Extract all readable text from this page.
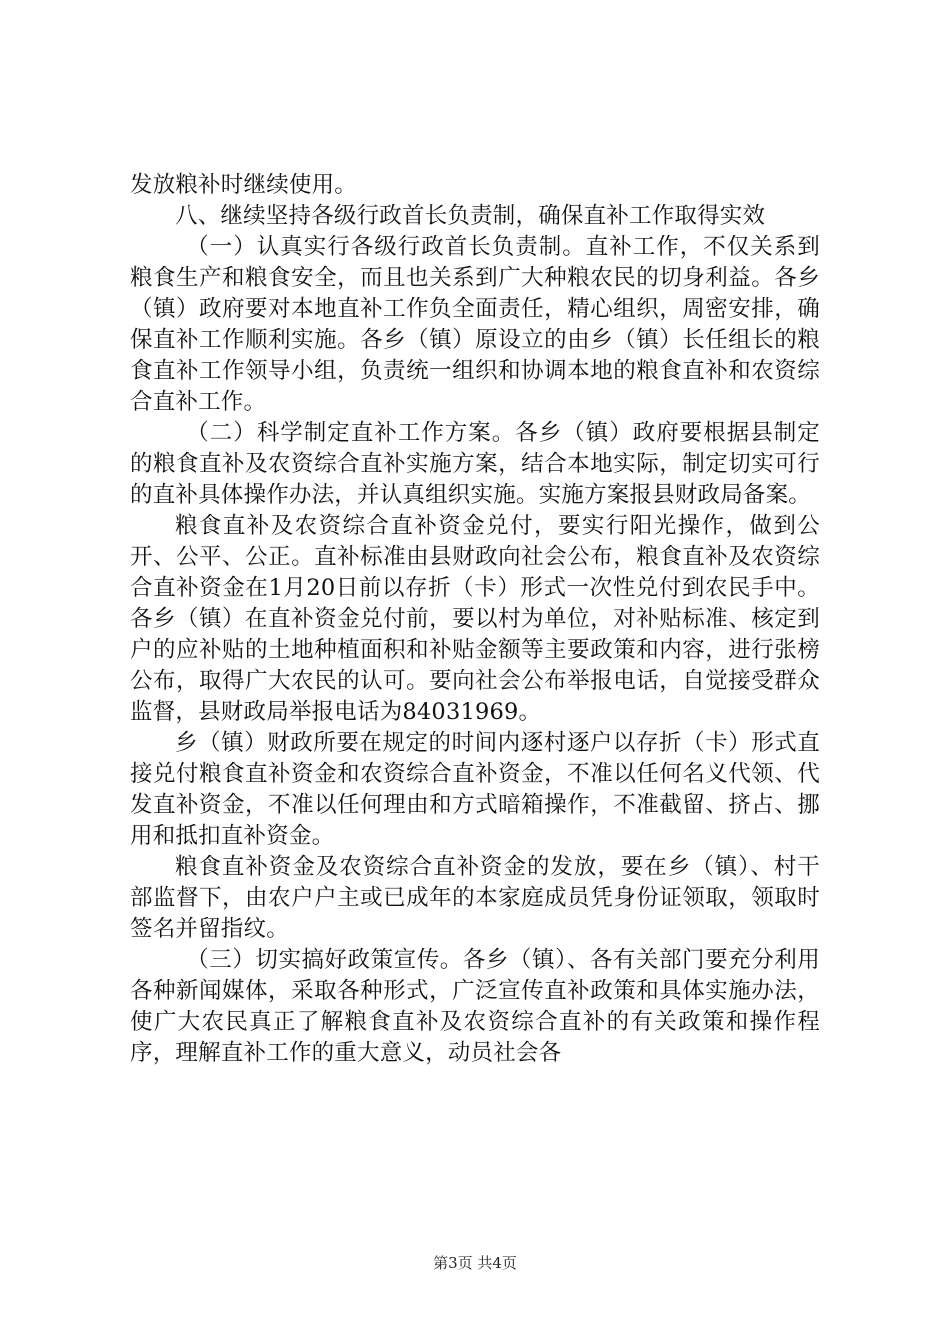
发放粮补时继续使用。

八、继续坚持各级行政首长负责制，确保直补工作取得实效

（一）认真实行各级行政首长负责制。直补工作，不仅关系到粮食生产和粮食安全，而且也关系到广大种粮农民的切身利益。各乡（镇）政府要对本地直补工作负全面责任，精心组织，周密安排，确保直补工作顺利实施。各乡（镇）原设立的由乡（镇）长任组长的粮食直补工作领导小组，负责统一组织和协调本地的粮食直补和农资综合直补工作。

（二）科学制定直补工作方案。各乡（镇）政府要根据县制定的粮食直补及农资综合直补实施方案，结合本地实际，制定切实可行的直补具体操作办法，并认真组织实施。实施方案报县财政局备案。

粮食直补及农资综合直补资金兑付，要实行阳光操作，做到公开、公平、公正。直补标准由县财政向社会公布，粮食直补及农资综合直补资金在1月20日前以存折（卡）形式一次性兑付到农民手中。各乡（镇）在直补资金兑付前，要以村为单位，对补贴标准、核定到户的应补贴的土地种植面积和补贴金额等主要政策和内容，进行张榜公布，取得广大农民的认可。要向社会公布举报电话，自觉接受群众监督，县财政局举报电话为84031969。

乡（镇）财政所要在规定的时间内逐村逐户以存折（卡）形式直接兑付粮食直补资金和农资综合直补资金，不准以任何名义代领、代发直补资金，不准以任何理由和方式暗箱操作，不准截留、挤占、挪用和抵扣直补资金。

粮食直补资金及农资综合直补资金的发放，要在乡（镇）、村干部监督下，由农户户主或已成年的本家庭成员凭身份证领取，领取时签名并留指纹。

（三）切实搞好政策宣传。各乡（镇）、各有关部门要充分利用各种新闻媒体，采取各种形式，广泛宣传直补政策和具体实施办法，使广大农民真正了解粮食直补及农资综合直补的有关政策和操作程序，理解直补工作的重大意义，动员社会各

第3页 共4页
